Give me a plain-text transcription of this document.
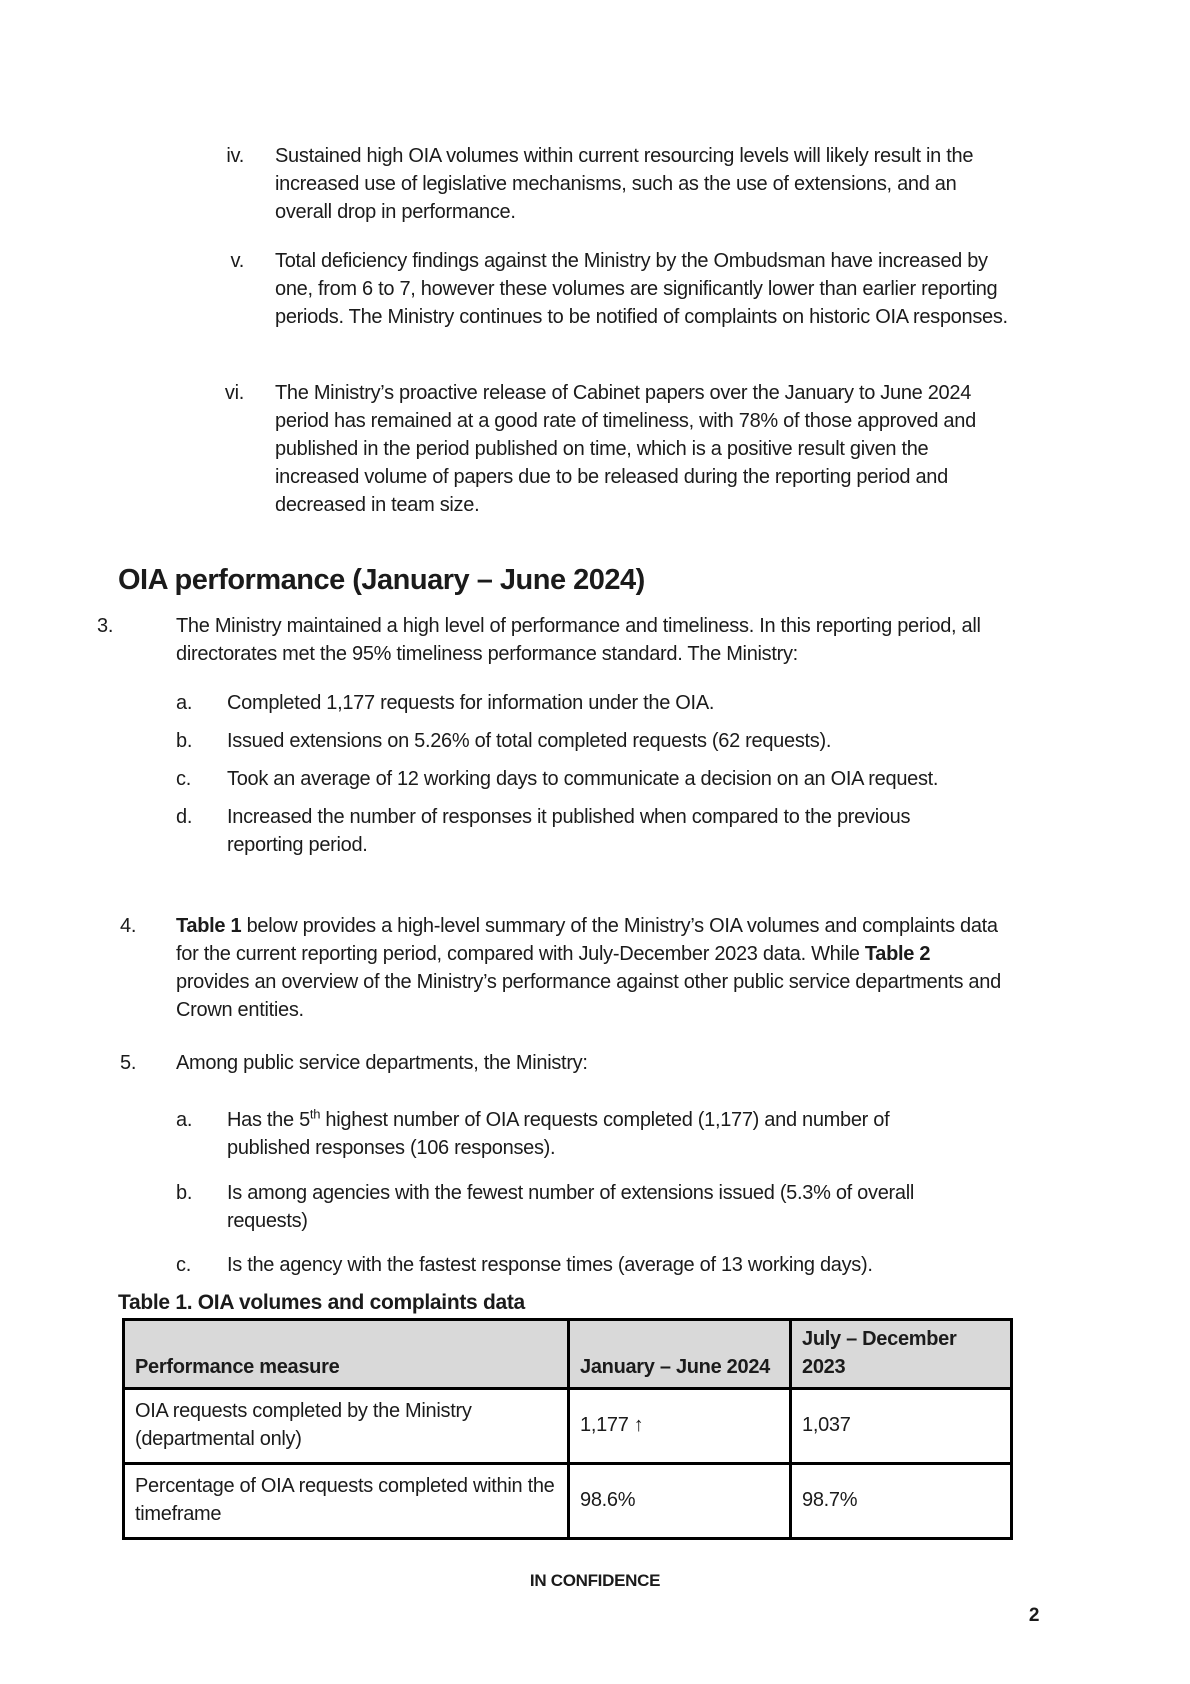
iv. Sustained high OIA volumes within current resourcing levels will likely result in the increased use of legislative mechanisms, such as the use of extensions, and an overall drop in performance.
v. Total deficiency findings against the Ministry by the Ombudsman have increased by one, from 6 to 7, however these volumes are significantly lower than earlier reporting periods. The Ministry continues to be notified of complaints on historic OIA responses.
vi. The Ministry’s proactive release of Cabinet papers over the January to June 2024 period has remained at a good rate of timeliness, with 78% of those approved and published in the period published on time, which is a positive result given the increased volume of papers due to be released during the reporting period and decreased in team size.
OIA performance (January – June 2024)
3.	The Ministry maintained a high level of performance and timeliness. In this reporting period, all directorates met the 95% timeliness performance standard. The Ministry:
a. Completed 1,177 requests for information under the OIA.
b. Issued extensions on 5.26% of total completed requests (62 requests).
c. Took an average of 12 working days to communicate a decision on an OIA request.
d. Increased the number of responses it published when compared to the previous reporting period.
4. Table 1 below provides a high-level summary of the Ministry’s OIA volumes and complaints data for the current reporting period, compared with July-December 2023 data. While Table 2 provides an overview of the Ministry’s performance against other public service departments and Crown entities.
5. Among public service departments, the Ministry:
a. Has the 5th highest number of OIA requests completed (1,177) and number of published responses (106 responses).
b. Is among agencies with the fewest number of extensions issued (5.3% of overall requests)
c. Is the agency with the fastest response times (average of 13 working days).
Table 1. OIA volumes and complaints data
Performance measure	January – June 2024	July – December 2023
OIA requests completed by the Ministry (departmental only)	1,177 ↑	1,037
Percentage of OIA requests completed within the timeframe	98.6%	98.7%
IN CONFIDENCE
2
